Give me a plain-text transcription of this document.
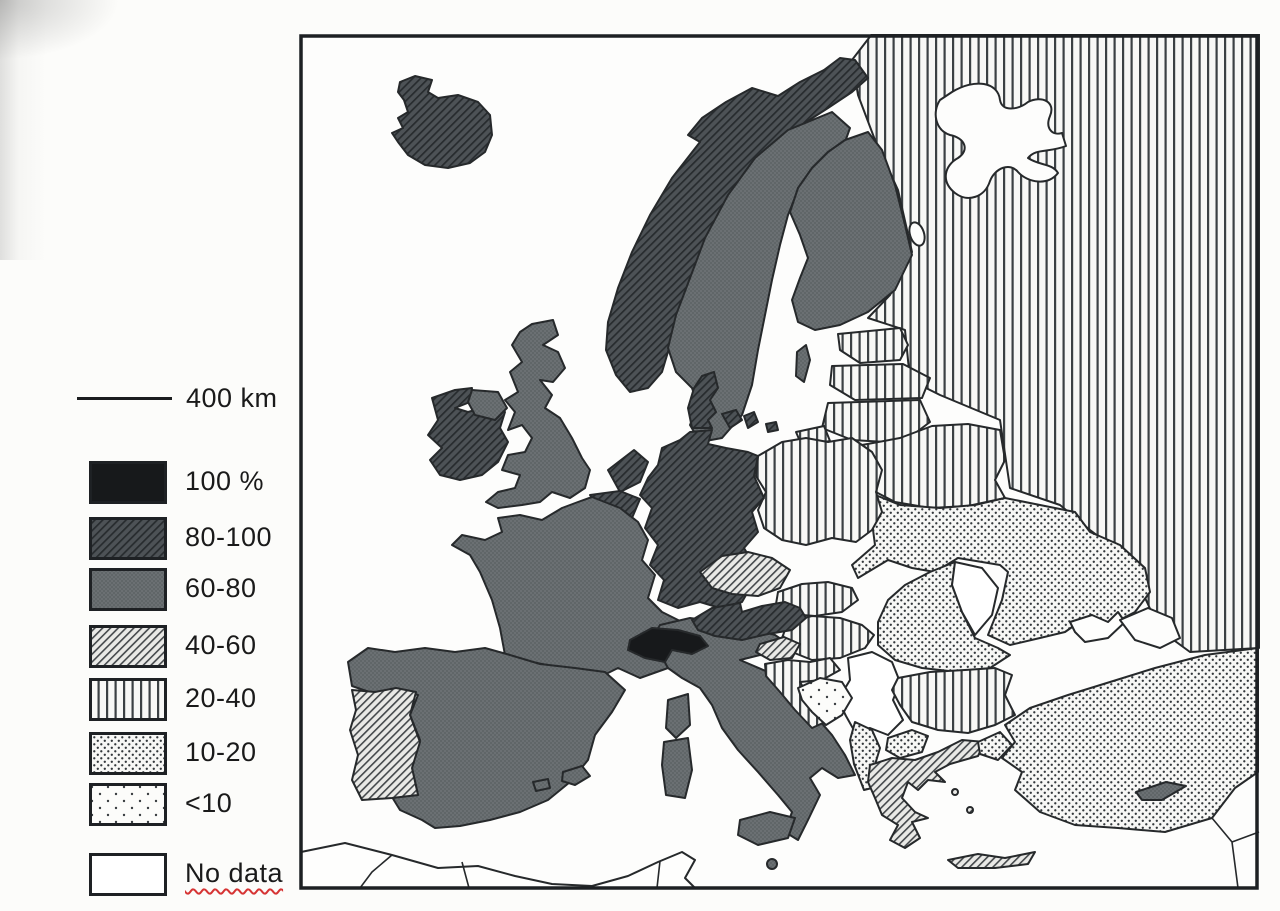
400 km
100 %
80-100
60-80
40-60
20-40
10-20
<10
No data
